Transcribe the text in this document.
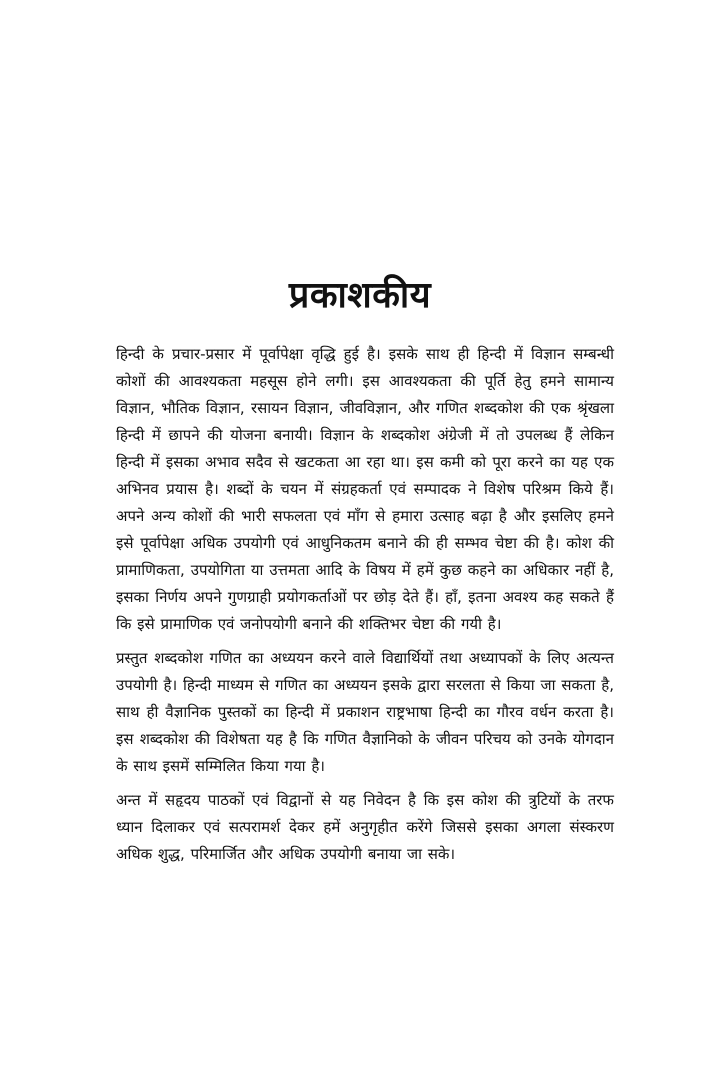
प्रकाशकीय

हिन्दी के प्रचार-प्रसार में पूर्वापेक्षा वृद्धि हुई है। इसके साथ ही हिन्दी में विज्ञान सम्बन्धी कोशों की आवश्यकता महसूस होने लगी। इस आवश्यकता की पूर्ति हेतु हमने सामान्य विज्ञान, भौतिक विज्ञान, रसायन विज्ञान, जीवविज्ञान, और गणित शब्दकोश की एक श्रृंखला हिन्दी में छापने की योजना बनायी। विज्ञान के शब्दकोश अंग्रेजी में तो उपलब्ध हैं लेकिन हिन्दी में इसका अभाव सदैव से खटकता आ रहा था। इस कमी को पूरा करने का यह एक अभिनव प्रयास है। शब्दों के चयन में संग्रहकर्ता एवं सम्पादक ने विशेष परिश्रम किये हैं। अपने अन्य कोशों की भारी सफलता एवं माँग से हमारा उत्साह बढ़ा है और इसलिए हमने इसे पूर्वापेक्षा अधिक उपयोगी एवं आधुनिकतम बनाने की ही सम्भव चेष्टा की है। कोश की प्रामाणिकता, उपयोगिता या उत्तमता आदि के विषय में हमें कुछ कहने का अधिकार नहीं है, इसका निर्णय अपने गुणग्राही प्रयोगकर्ताओं पर छोड़ देते हैं। हाँ, इतना अवश्य कह सकते हैं कि इसे प्रामाणिक एवं जनोपयोगी बनाने की शक्तिभर चेष्टा की गयी है।

प्रस्तुत शब्दकोश गणित का अध्ययन करने वाले विद्यार्थियों तथा अध्यापकों के लिए अत्यन्त उपयोगी है। हिन्दी माध्यम से गणित का अध्ययन इसके द्वारा सरलता से किया जा सकता है, साथ ही वैज्ञानिक पुस्तकों का हिन्दी में प्रकाशन राष्ट्रभाषा हिन्दी का गौरव वर्धन करता है। इस शब्दकोश की विशेषता यह है कि गणित वैज्ञानिको के जीवन परिचय को उनके योगदान के साथ इसमें सम्मिलित किया गया है।

अन्त में सहृदय पाठकों एवं विद्वानों से यह निवेदन है कि इस कोश की त्रुटियों के तरफ ध्यान दिलाकर एवं सत्परामर्श देकर हमें अनुगृहीत करेंगे जिससे इसका अगला संस्करण अधिक शुद्ध, परिमार्जित और अधिक उपयोगी बनाया जा सके।
